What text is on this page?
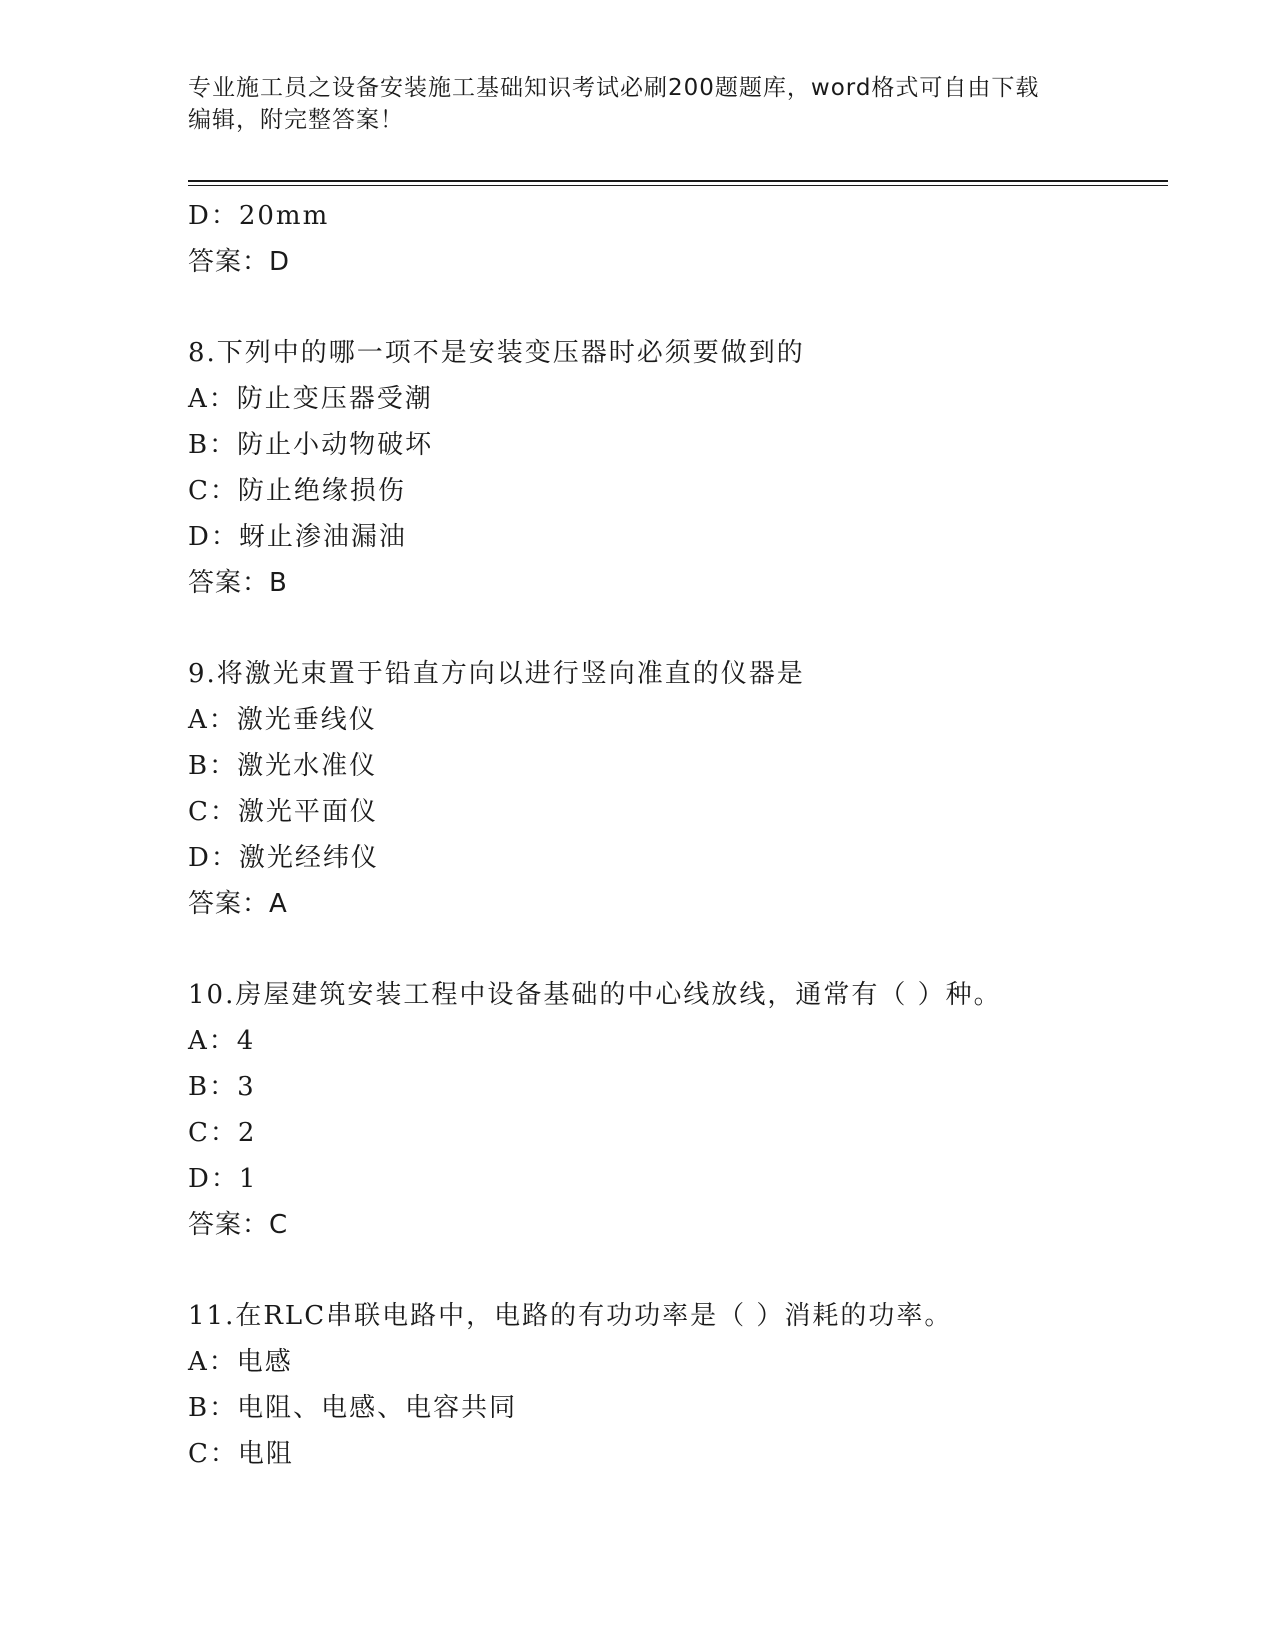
专业施工员之设备安装施工基础知识考试必刷200题题库，word格式可自由下载
编辑，附完整答案！
D：20mm
答案：D
8.下列中的哪一项不是安装变压器时必须要做到的
A：防止变压器受潮
B：防止小动物破坏
C：防止绝缘损伤
D：蚜止渗油漏油
答案：B
9.将激光束置于铅直方向以进行竖向准直的仪器是
A：激光垂线仪
B：激光水准仪
C：激光平面仪
D：激光经纬仪
答案：A
10.房屋建筑安装工程中设备基础的中心线放线，通常有（ ）种。
A：4
B：3
C：2
D：1
答案：C
11.在RLC串联电路中，电路的有功功率是（ ）消耗的功率。
A：电感
B：电阻、电感、电容共同
C：电阻
